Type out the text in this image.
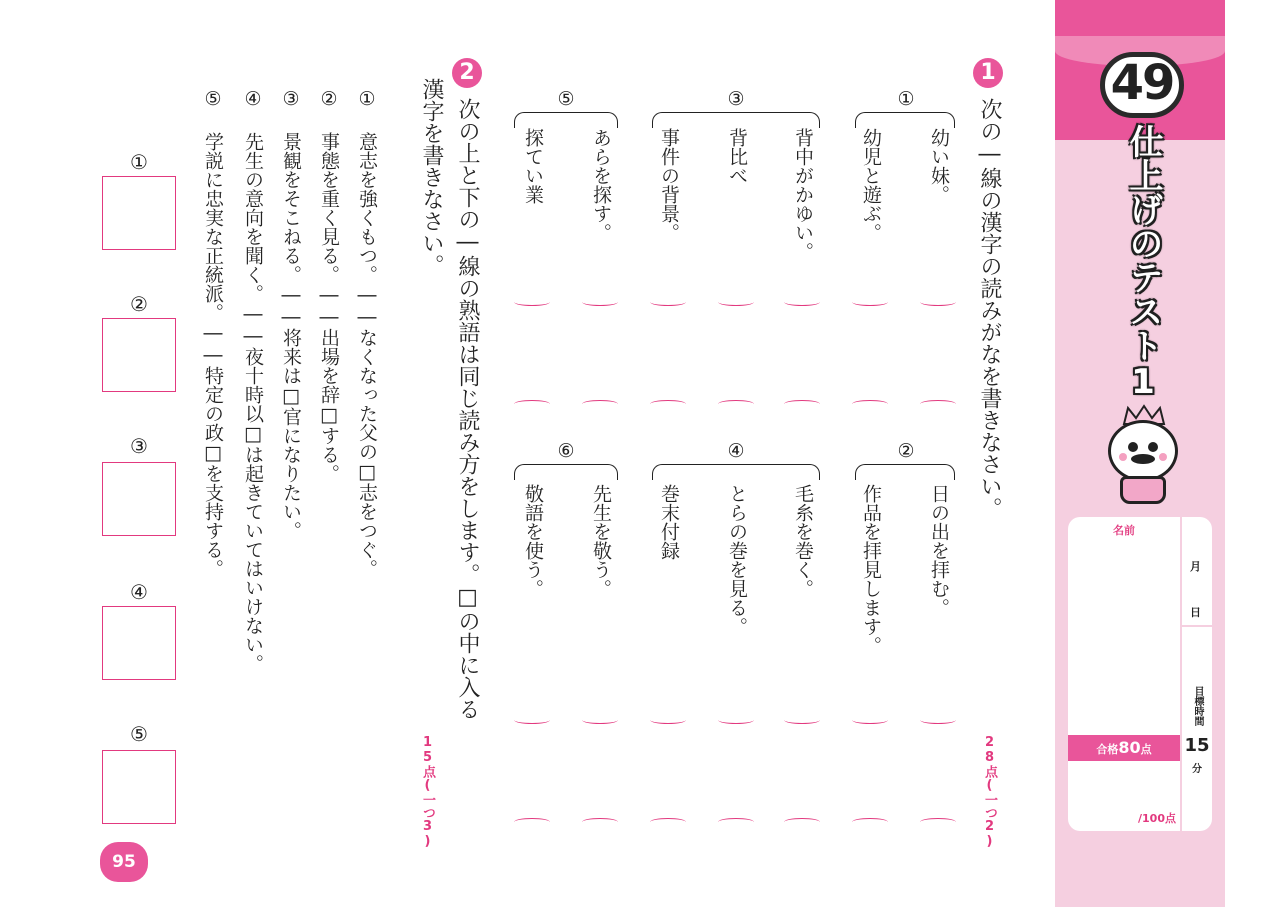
49
仕上げのテスト1
名前
月
日
目標時間
15
分
合格80点
/100点
1
次の―線の漢字の読みがなを書きなさい。
28点(一つ2)
①
②
③
④
⑤
⑥
幼い妹。
幼児と遊ぶ。
日の出を拝む。
作品を拝見します。
背中がかゆい。
背比べ
事件の背景。
毛糸を巻く。
とらの巻を見る。
巻末付録
あらを探す。
探てい業
先生を敬う。
敬語を使う。
2
次の上と下の―線の熟語は同じ読み方をします。□の中に入る
漢字を書きなさい。
15点(一つ3)
① 意志を強くもつ。――なくなった父の□志をつぐ。
② 事態を重く見る。――出場を辞□する。
③ 景観をそこねる。――将来は□官になりたい。
④ 先生の意向を聞く。――夜十時以□は起きていてはいけない。
⑤ 学説に忠実な正統派。――特定の政□を支持する。
①
②
③
④
⑤
95
